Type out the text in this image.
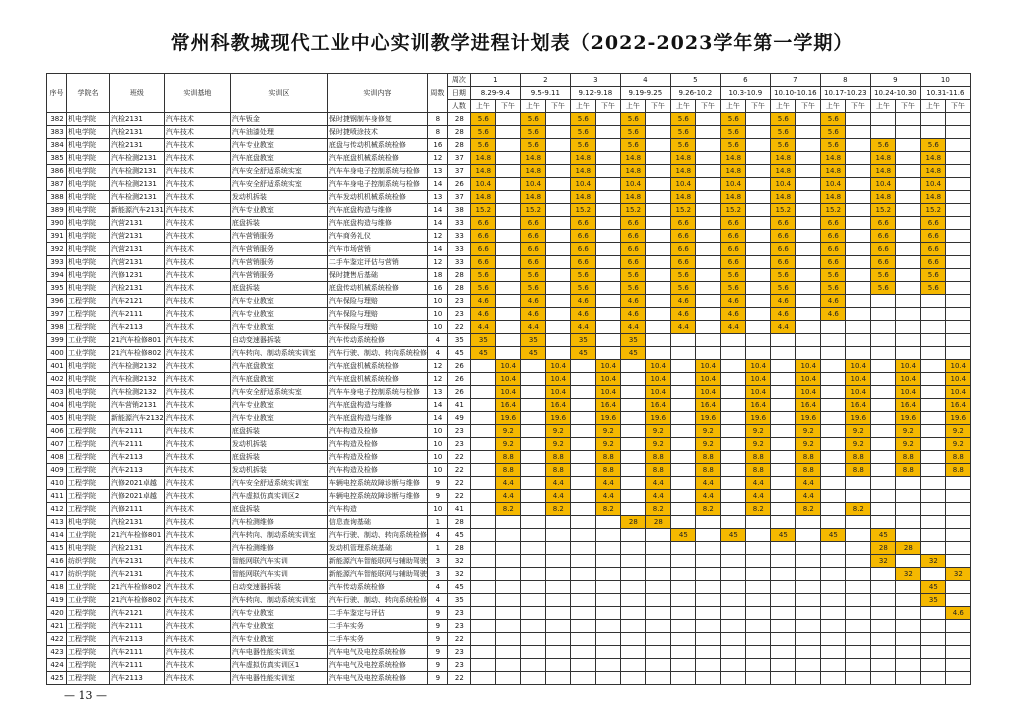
常州科教城现代工业中心实训教学进程计划表（2022-2023学年第一学期）
序号	学院名	班级	实训基地	实训区	实训内容	周数	周次	1		2		3		4		5		6		7		8		9		10	
							日期	8.29-9.4		9.5-9.11		9.12-9.18		9.19-9.25		9.26-10.2		10.3-10.9		10.10-10.16		10.17-10.23		10.24-10.30		10.31-11.6	
							人数	上午	下午	上午	下午	上午	下午	上午	下午	上午	下午	上午	下午	上午	下午	上午	下午	上午	下午	上午	下午
382	机电学院	汽检2131	汽车技术	汽车钣金	保时捷钢制车身修复	8	28	5.6		5.6		5.6		5.6		5.6		5.6		5.6		5.6					
383	机电学院	汽检2131	汽车技术	汽车油漆处理	保时捷喷涂技术	8	28	5.6		5.6		5.6		5.6		5.6		5.6		5.6		5.6					
384	机电学院	汽检2131	汽车技术	汽车专业教室	底盘与传动机械系统检修	16	28	5.6		5.6		5.6		5.6		5.6		5.6		5.6		5.6		5.6		5.6	
385	机电学院	汽车检测2131	汽车技术	汽车底盘教室	汽车底盘机械系统检修	12	37	14.8		14.8		14.8		14.8		14.8		14.8		14.8		14.8		14.8		14.8	
386	机电学院	汽车检测2131	汽车技术	汽车安全舒适系统实室	汽车车身电子控制系统与检修	13	37	14.8		14.8		14.8		14.8		14.8		14.8		14.8		14.8		14.8		14.8	
387	机电学院	汽车检测2131	汽车技术	汽车安全舒适系统实室	汽车车身电子控制系统与检修	14	26	10.4		10.4		10.4		10.4		10.4		10.4		10.4		10.4		10.4		10.4	
388	机电学院	汽车检测2131	汽车技术	发动机拆装	汽车发动机机械系统检修	13	37	14.8		14.8		14.8		14.8		14.8		14.8		14.8		14.8		14.8		14.8	
389	机电学院	新能源汽车2131	汽车技术	汽车专业教室	汽车底盘构造与维修	14	38	15.2		15.2		15.2		15.2		15.2		15.2		15.2		15.2		15.2		15.2	
390	机电学院	汽营2131	汽车技术	底盘拆装	汽车底盘构造与维修	14	33	6.6		6.6		6.6		6.6		6.6		6.6		6.6		6.6		6.6		6.6	
391	机电学院	汽营2131	汽车技术	汽车营销服务	汽车商务礼仪	12	33	6.6		6.6		6.6		6.6		6.6		6.6		6.6		6.6		6.6		6.6	
392	机电学院	汽营2131	汽车技术	汽车营销服务	汽车市场营销	14	33	6.6		6.6		6.6		6.6		6.6		6.6		6.6		6.6		6.6		6.6	
393	机电学院	汽营2131	汽车技术	汽车营销服务	二手车鉴定评估与营销	12	33	6.6		6.6		6.6		6.6		6.6		6.6		6.6		6.6		6.6		6.6	
394	机电学院	汽修1231	汽车技术	汽车营销服务	保时捷售后基础	18	28	5.6		5.6		5.6		5.6		5.6		5.6		5.6		5.6		5.6		5.6	
395	机电学院	汽检2131	汽车技术	底盘拆装	底盘传动机械系统检修	16	28	5.6		5.6		5.6		5.6		5.6		5.6		5.6		5.6		5.6		5.6	
396	工程学院	汽车2121	汽车技术	汽车专业教室	汽车保险与理赔	10	23	4.6		4.6		4.6		4.6		4.6		4.6		4.6		4.6					
397	工程学院	汽车2111	汽车技术	汽车专业教室	汽车保险与理赔	10	23	4.6		4.6		4.6		4.6		4.6		4.6		4.6		4.6					
398	工程学院	汽车2113	汽车技术	汽车专业教室	汽车保险与理赔	10	22	4.4		4.4		4.4		4.4		4.4		4.4		4.4							
399	工业学院	21汽车检修801	汽车技术	自动变速器拆装	汽车传动系统检修	4	35	35		35		35		35													
400	工业学院	21汽车检修802	汽车技术	汽车转向、制动系统实训室	汽车行驶、制动、转向系统检修	4	45	45		45		45		45													
401	机电学院	汽车检测2132	汽车技术	汽车底盘教室	汽车底盘机械系统检修	12	26		10.4		10.4		10.4		10.4		10.4		10.4		10.4		10.4		10.4		10.4
402	机电学院	汽车检测2132	汽车技术	汽车底盘教室	汽车底盘机械系统检修	12	26		10.4		10.4		10.4		10.4		10.4		10.4		10.4		10.4		10.4		10.4
403	机电学院	汽车检测2132	汽车技术	汽车安全舒适系统实室	汽车车身电子控制系统与检修	13	26		10.4		10.4		10.4		10.4		10.4		10.4		10.4		10.4		10.4		10.4
404	机电学院	汽车营销2131	汽车技术	汽车专业教室	汽车底盘构造与维修	14	41		16.4		16.4		16.4		16.4		16.4		16.4		16.4		16.4		16.4		16.4
405	机电学院	新能源汽车2132	汽车技术	汽车专业教室	汽车底盘构造与维修	14	49		19.6		19.6		19.6		19.6		19.6		19.6		19.6		19.6		19.6		19.6
406	工程学院	汽车2111	汽车技术	底盘拆装	汽车构造及检修	10	23		9.2		9.2		9.2		9.2		9.2		9.2		9.2		9.2		9.2		9.2
407	工程学院	汽车2111	汽车技术	发动机拆装	汽车构造及检修	10	23		9.2		9.2		9.2		9.2		9.2		9.2		9.2		9.2		9.2		9.2
408	工程学院	汽车2113	汽车技术	底盘拆装	汽车构造及检修	10	22		8.8		8.8		8.8		8.8		8.8		8.8		8.8		8.8		8.8		8.8
409	工程学院	汽车2113	汽车技术	发动机拆装	汽车构造及检修	10	22		8.8		8.8		8.8		8.8		8.8		8.8		8.8		8.8		8.8		8.8
410	工程学院	汽修2021卓越	汽车技术	汽车安全舒适系统实训室	车辆电控系统故障诊断与维修	9	22		4.4		4.4		4.4		4.4		4.4		4.4		4.4						
411	工程学院	汽修2021卓越	汽车技术	汽车虚拟仿真实训区2	车辆电控系统故障诊断与维修	9	22		4.4		4.4		4.4		4.4		4.4		4.4		4.4						
412	工程学院	汽修2111	汽车技术	底盘拆装	汽车构造	10	41		8.2		8.2		8.2		8.2		8.2		8.2		8.2		8.2				
413	机电学院	汽检2131	汽车技术	汽车检测维修	信息查询基础	1	28							28	28												
414	工业学院	21汽车检修801	汽车技术	汽车转向、制动系统实训室	汽车行驶、制动、转向系统检修	4	45									45		45		45		45		45			
415	机电学院	汽检2131	汽车技术	汽车检测维修	发动机管理系统基础	1	28																	28	28		
416	纺织学院	汽车2131	汽车技术	智能网联汽车实训	新能源汽车智能联网与辅助驾驶	3	32																	32		32	
417	纺织学院	汽车2131	汽车技术	智能网联汽车实训	新能源汽车智能联网与辅助驾驶	3	32																		32		32
418	工业学院	21汽车检修802	汽车技术	自动变速器拆装	汽车传动系统检修	4	45																			45	
419	工业学院	21汽车检修802	汽车技术	汽车转向、制动系统实训室	汽车行驶、制动、转向系统检修	4	35																			35	
420	工程学院	汽车2121	汽车技术	汽车专业教室	二手车鉴定与评估	9	23																				4.6
421	工程学院	汽车2111	汽车技术	汽车专业教室	二手车实务	9	23																				
422	工程学院	汽车2113	汽车技术	汽车专业教室	二手车实务	9	22																				
423	工程学院	汽车2111	汽车技术	汽车电器性能实训室	汽车电气及电控系统检修	9	23																				
424	工程学院	汽车2111	汽车技术	汽车虚拟仿真实训区1	汽车电气及电控系统检修	9	23																				
425	工程学院	汽车2113	汽车技术	汽车电器性能实训室	汽车电气及电控系统检修	9	22																				
— 13 —
